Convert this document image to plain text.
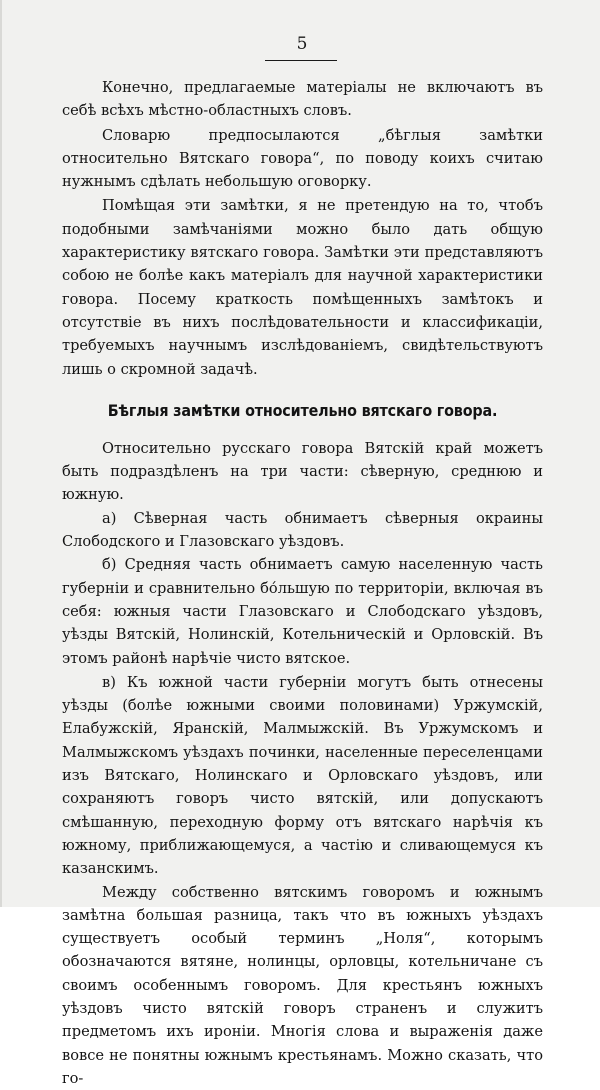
5

Конечно, предлагаемые матеріалы не включаютъ въ себѣ всѣхъ мѣстно-областныхъ словъ.

Словарю предпосылаются „бѣглыя замѣтки относительно Вятскаго говора“, по поводу коихъ считаю нужнымъ сдѣлать небольшую оговорку.

Помѣщая эти замѣтки, я не претендую на то, чтобъ подобными замѣчаніями можно было дать общую характеристику вятскаго говора. Замѣтки эти представляютъ собою не болѣе какъ матеріалъ для научной характеристики говора. Посему краткость помѣщенныхъ замѣтокъ и отсутствіе въ нихъ послѣдовательности и классификаціи, требуемыхъ научнымъ изслѣдованіемъ, свидѣтельствуютъ лишь о скромной задачѣ.

Бѣглыя замѣтки относительно вятскаго говора.

Относительно русскаго говора Вятскій край можетъ быть подраздѣленъ на три части: сѣверную, среднюю и южную.

а) Сѣверная часть обнимаетъ сѣверныя окраины Слободского и Глазовскаго уѣздовъ.

б) Средняя часть обнимаетъ самую населенную часть губерніи и сравнительно бо́льшую по территоріи, включая въ себя: южныя части Глазовскаго и Слободскаго уѣздовъ, уѣзды Вятскій, Нолинскій, Котельническій и Орловскій. Въ этомъ районѣ нарѣчіе чисто вятское.

в) Къ южной части губерніи могутъ быть отнесены уѣзды (болѣе южными своими половинами) Уржумскій, Елабужскій, Яранскій, Малмыжскій. Въ Уржумскомъ и Малмыжскомъ уѣздахъ починки, населенные переселенцами изъ Вятскаго, Нолинскаго и Орловскаго уѣздовъ, или сохраняютъ говоръ чисто вятскій, или допускаютъ смѣшанную, переходную форму отъ вятскаго нарѣчія къ южному, приближающемуся, а частію и сливающемуся къ казанскимъ.

Между собственно вятскимъ говоромъ и южнымъ замѣтна большая разница, такъ что въ южныхъ уѣздахъ существуетъ особый терминъ „Ноля“, которымъ обозначаются вятяне, нолинцы, орловцы, котельничане съ своимъ особеннымъ говоромъ. Для крестьянъ южныхъ уѣздовъ чисто вятскій говоръ страненъ и служитъ предметомъ ихъ ироніи. Многія слова и выраженія даже вовсе не понятны южнымъ крестьянамъ. Можно сказать, что го-
